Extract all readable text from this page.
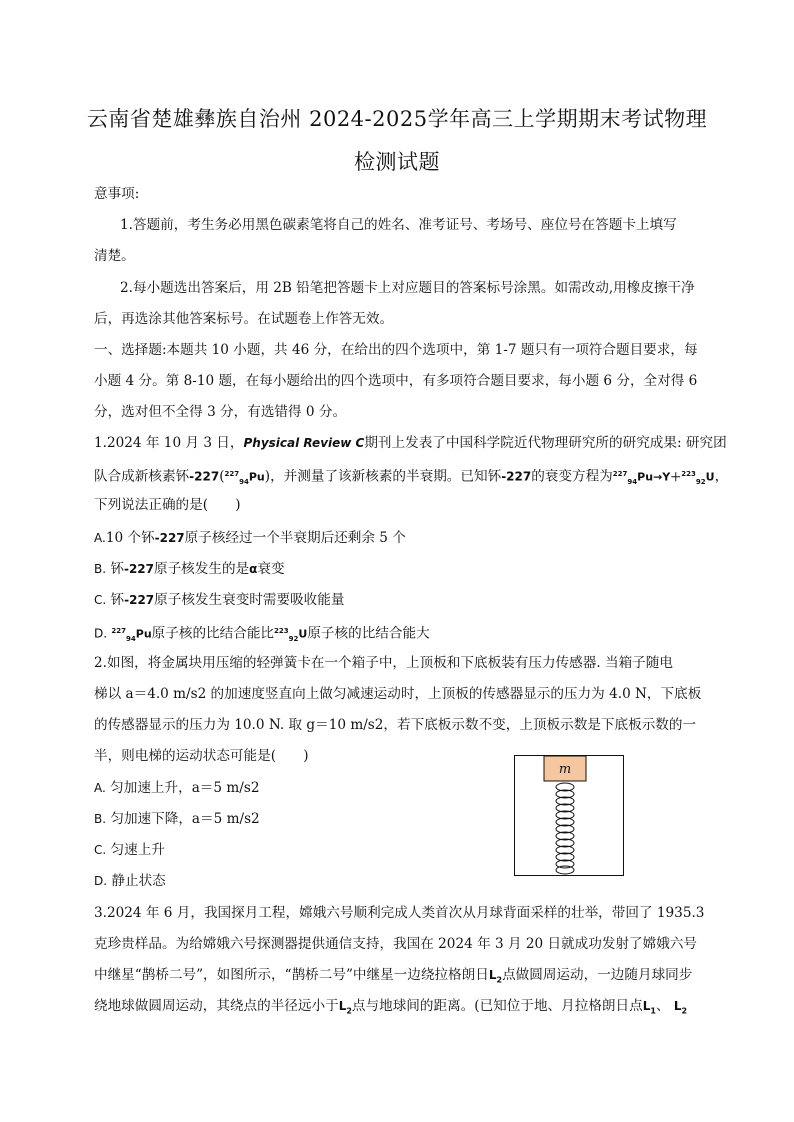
云南省楚雄彝族自治州 2024-2025学年高三上学期期末考试物理
检测试题
意事项:
1.答题前，考生务必用黑色碳素笔将自己的姓名、准考证号、考场号、座位号在答题卡上填写
清楚。
2.每小题选出答案后，用 2B 铅笔把答题卡上对应题目的答案标号涂黑。如需改动,用橡皮擦干净
后，再选涂其他答案标号。在试题卷上作答无效。
一、选择题:本题共 10 小题，共 46 分，在给出的四个选项中，第 1-7 题只有一项符合题目要求，每
小题 4 分。第 8-10 题，在每小题给出的四个选项中，有多项符合题目要求，每小题 6 分，全对得 6
分，选对但不全得 3 分，有选错得 0 分。
1.2024 年 10 月 3 日，Physical Review C期刊上发表了中国科学院近代物理研究所的研究成果: 研究团
队合成新核素钚-227($^{227}_{94}$Pu)，并测量了该新核素的半衰期。已知钚-227的衰变方程为$^{227}_{94}$Pu→Y＋$^{223}_{92}$U，
下列说法正确的是(　　)
A.10 个钚-227原子核经过一个半衰期后还剩余 5 个
B. 钚-227原子核发生的是α衰变
C. 钚-227原子核发生衰变时需要吸收能量
D. $^{227}_{94}$Pu原子核的比结合能比$^{223}_{92}$U原子核的比结合能大
2.如图，将金属块用压缩的轻弹簧卡在一个箱子中，上顶板和下底板装有压力传感器. 当箱子随电
梯以 a＝4.0 m/s2 的加速度竖直向上做匀减速运动时，上顶板的传感器显示的压力为 4.0 N，下底板
的传感器显示的压力为 10.0 N. 取 g＝10 m/s2，若下底板示数不变，上顶板示数是下底板示数的一
半，则电梯的运动状态可能是(　　)
A. 匀加速上升，a＝5 m/s2
B. 匀加速下降，a＝5 m/s2
C. 匀速上升
D. 静止状态
m
3.2024 年 6 月，我国探月工程，嫦娥六号顺利完成人类首次从月球背面采样的壮举，带回了 1935.3
克珍贵样品。为给嫦娥六号探测器提供通信支持，我国在 2024 年 3 月 20 日就成功发射了嫦娥六号
中继星“鹊桥二号”，如图所示，“鹊桥二号”中继星一边绕拉格朗日$L_2$点做圆周运动，一边随月球同步
绕地球做圆周运动，其绕点的半径远小于$L_2$点与地球间的距离。(已知位于地、月拉格朗日点$L_1$、 $L_2$
